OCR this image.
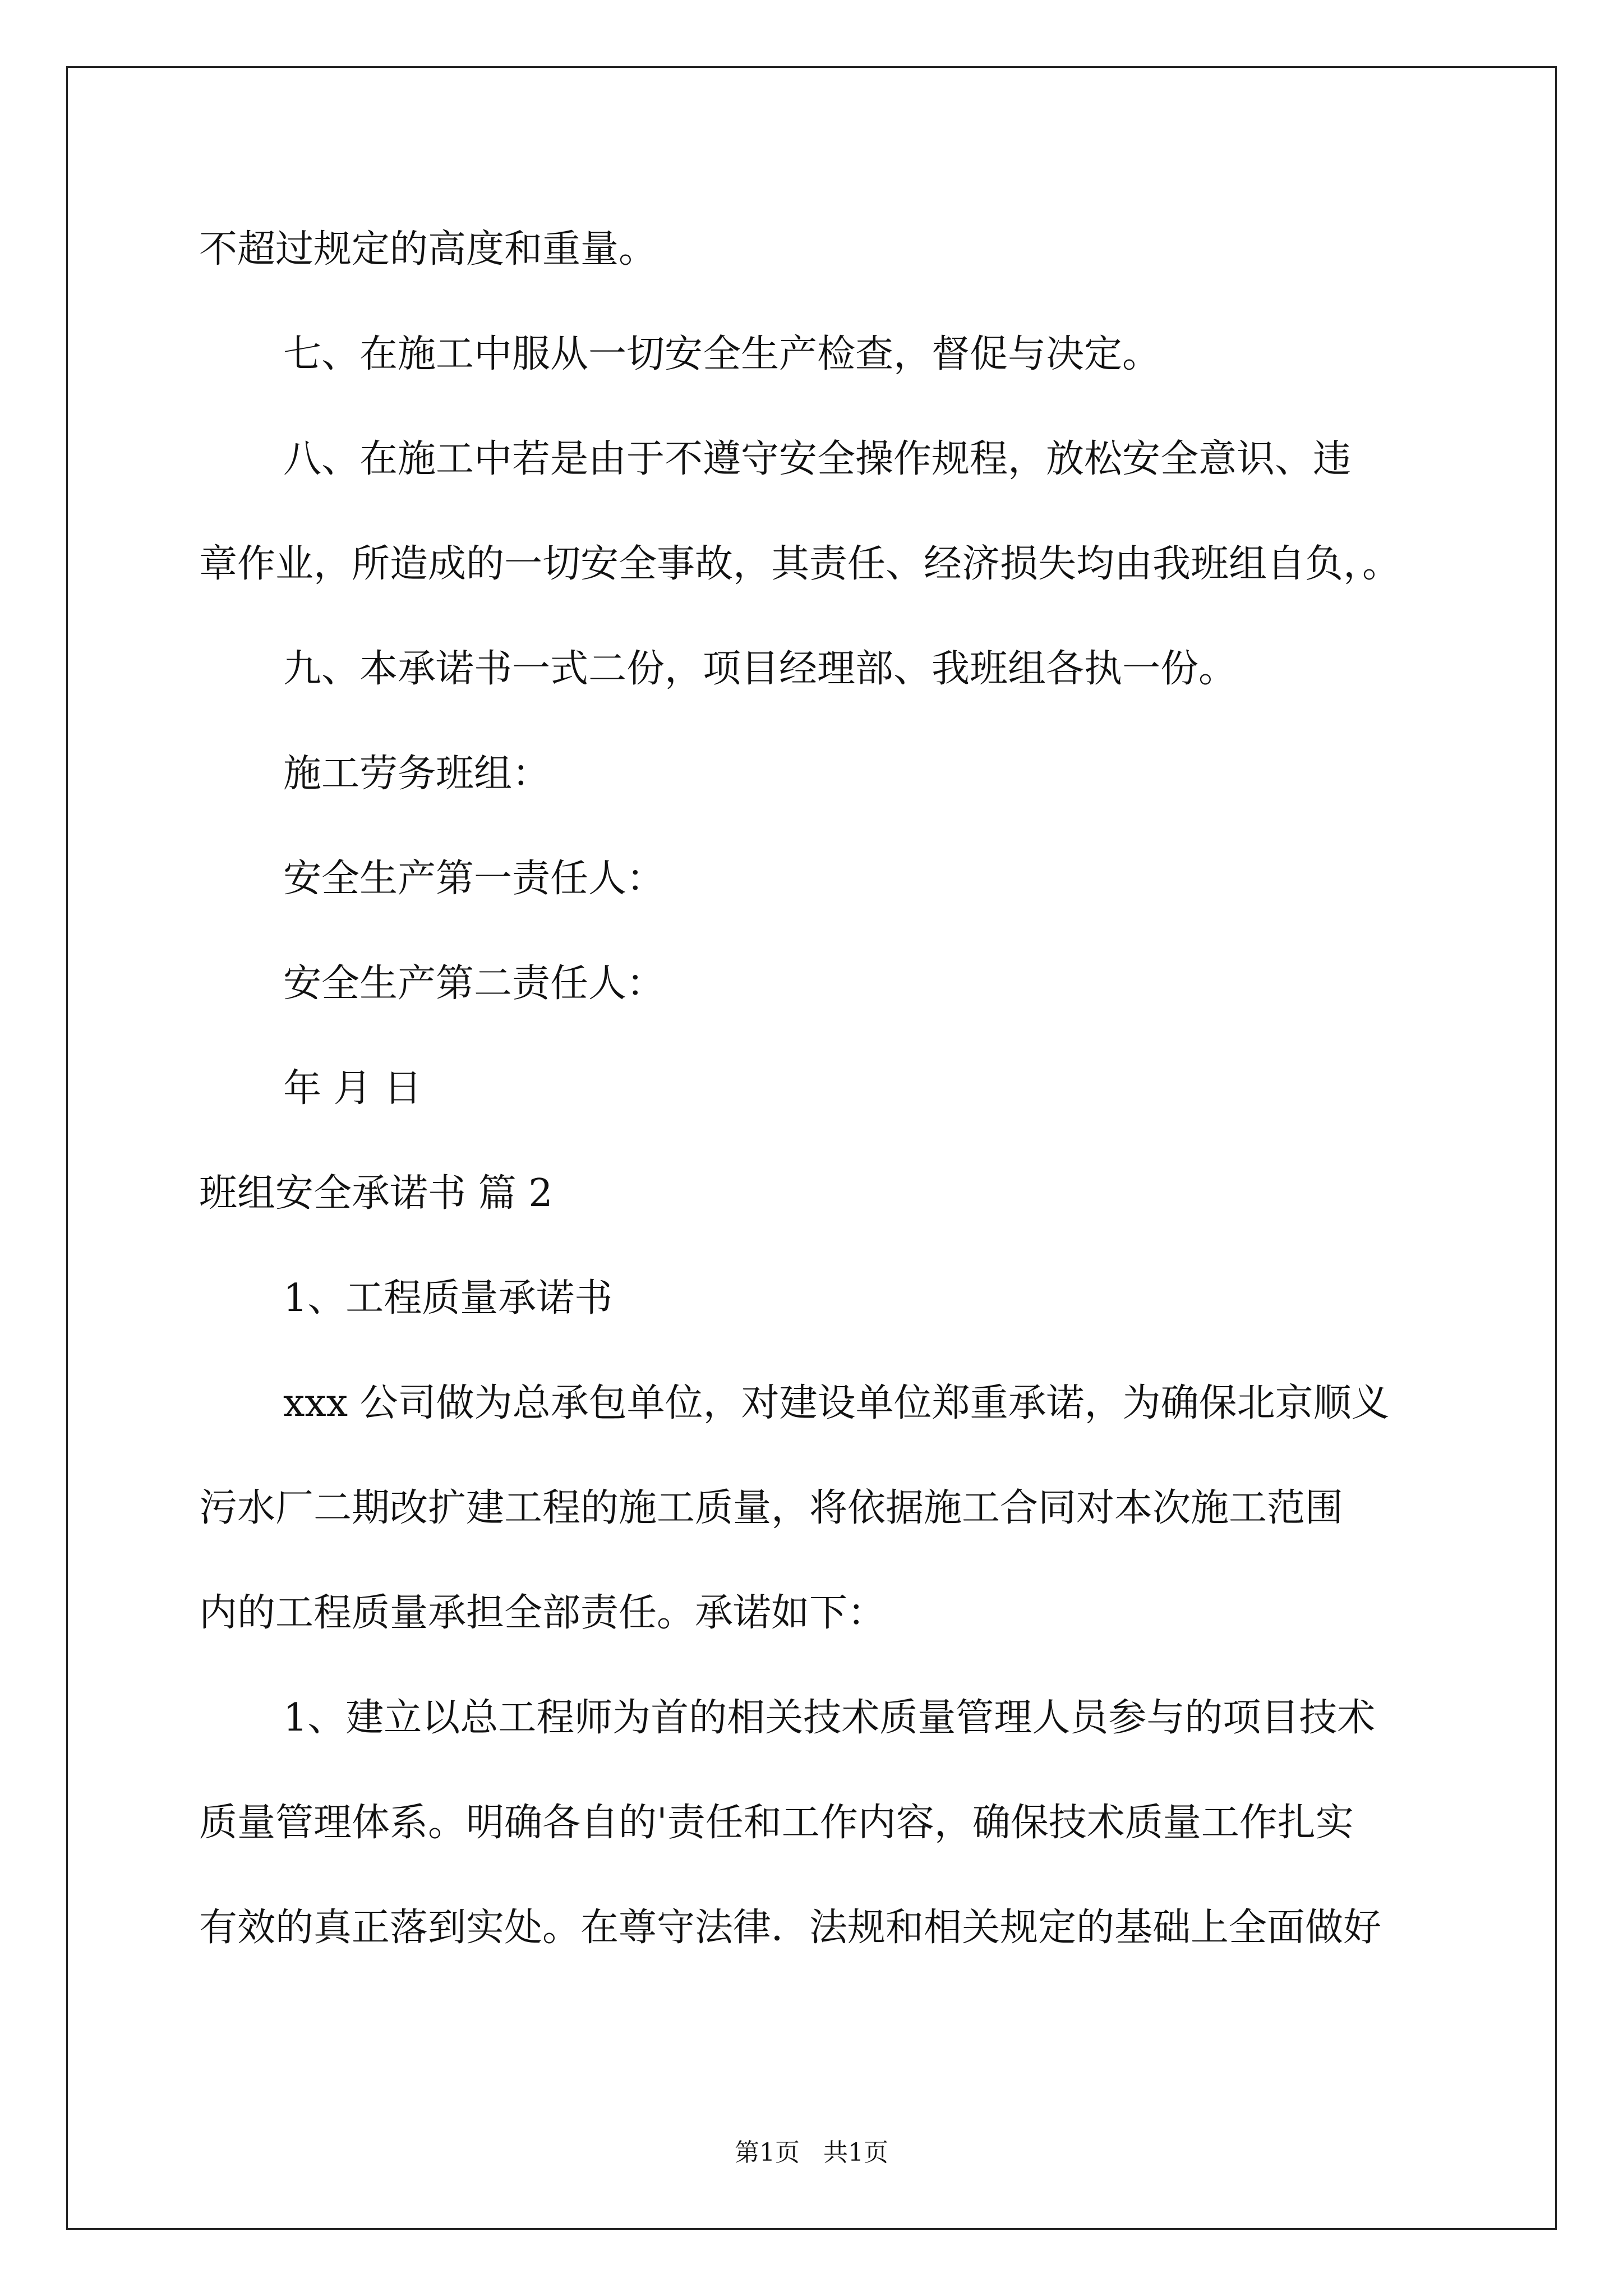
不超过规定的高度和重量。
七、在施工中服从一切安全生产检查，督促与决定。
八、在施工中若是由于不遵守安全操作规程，放松安全意识、违
章作业，所造成的一切安全事故，其责任、经济损失均由我班组自负，。
九、本承诺书一式二份，项目经理部、我班组各执一份。
施工劳务班组：
安全生产第一责任人：
安全生产第二责任人：
年 月 日
班组安全承诺书 篇 2
1、工程质量承诺书
xxx 公司做为总承包单位，对建设单位郑重承诺，为确保北京顺义
污水厂二期改扩建工程的施工质量，将依据施工合同对本次施工范围
内的工程质量承担全部责任。承诺如下：
1、建立以总工程师为首的相关技术质量管理人员参与的项目技术
质量管理体系。明确各自的'责任和工作内容，确保技术质量工作扎实
有效的真正落到实处。在尊守法律．法规和相关规定的基础上全面做好
第1页   共1页
